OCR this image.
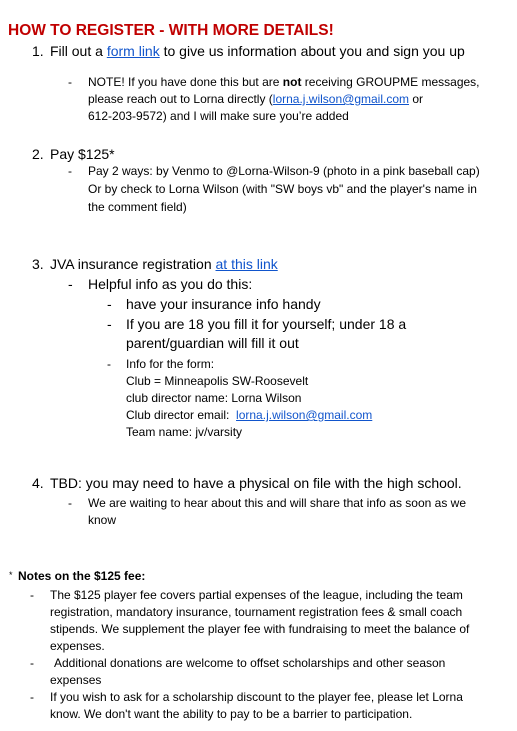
HOW TO REGISTER - WITH MORE DETAILS!
1. Fill out a form link to give us information about you and sign you up
- NOTE! If you have done this but are not receiving GROUPME messages,
please reach out to Lorna directly (lorna.j.wilson@gmail.com or
612-203-9572) and I will make sure you’re added
2. Pay $125*
- Pay 2 ways: by Venmo to @Lorna-Wilson-9 (photo in a pink baseball cap)
Or by check to Lorna Wilson (with "SW boys vb" and the player's name in
the comment field)
3. JVA insurance registration at this link
- Helpful info as you do this:
- have your insurance info handy
- If you are 18 you fill it for yourself; under 18 a
parent/guardian will fill it out
- Info for the form:
Club = Minneapolis SW-Roosevelt
club director name: Lorna Wilson
Club director email: lorna.j.wilson@gmail.com
Team name: jv/varsity
4. TBD: you may need to have a physical on file with the high school.
- We are waiting to hear about this and will share that info as soon as we
know
* Notes on the $125 fee:
- The $125 player fee covers partial expenses of the league, including the team
registration, mandatory insurance, tournament registration fees & small coach
stipends. We supplement the player fee with fundraising to meet the balance of
expenses.
- Additional donations are welcome to offset scholarships and other season
expenses
- If you wish to ask for a scholarship discount to the player fee, please let Lorna
know. We don't want the ability to pay to be a barrier to participation.
